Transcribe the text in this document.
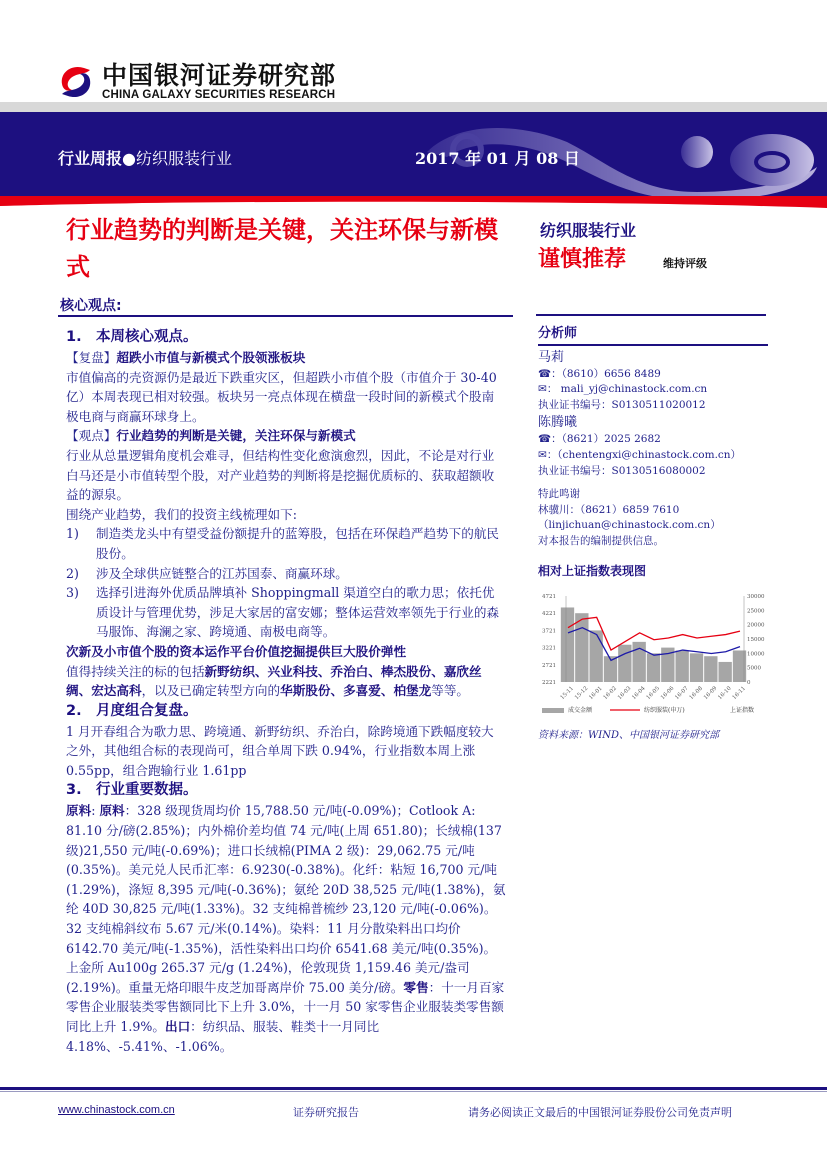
中国银河证券研究部
CHINA GALAXY SECURITIES RESEARCH
行业周报●纺织服装行业	2017 年 01 月 08 日
行业趋势的判断是关键，关注环保与新模式
核心观点:
纺织服装行业
谨慎推荐	维持评级

1. 本周核心观点。

【复盘】超跌小市值与新模式个股领涨板块

市值偏高的壳资源仍是最近下跌重灾区，但超跌小市值个股（市值介于 30-40 亿）本周表现已相对较强。板块另一亮点体现在横盘一段时间的新模式个股南极电商与商赢环球身上。

【观点】行业趋势的判断是关键，关注环保与新模式

行业从总量逻辑角度机会难寻，但结构性变化愈演愈烈，因此，不论是对行业白马还是小市值转型个股，对产业趋势的判断将是挖掘优质标的、获取超额收益的源泉。

围绕产业趋势，我们的投资主线梳理如下:

1)	制造类龙头中有望受益份额提升的蓝筹股，包括在环保趋严趋势下的航民股份。
2)	涉及全球供应链整合的江苏国泰、商赢环球。
3)	选择引进海外优质品牌填补 Shoppingmall 渠道空白的歌力思；依托优质设计与管理优势，涉足大家居的富安娜；整体运营效率领先于行业的森马服饰、海澜之家、跨境通、南极电商等。

次新及小市值个股的资本运作平台价值挖掘提供巨大股价弹性

值得持续关注的标的包括新野纺织、兴业科技、乔治白、棒杰股份、嘉欣丝绸、宏达高科，以及已确定转型方向的华斯股份、多喜爱、柏堡龙等等。

2. 月度组合复盘。

1 月开春组合为歌力思、跨境通、新野纺织、乔治白，除跨境通下跌幅度较大之外，其他组合标的表现尚可，组合单周下跌 0.94%，行业指数本周上涨 0.55pp，组合跑输行业 1.61pp

3. 行业重要数据。

原料: 原料：328 级现货周均价 15,788.50 元/吨(-0.09%)；Cotlook A: 81.10 分/磅(2.85%)；内外棉价差均值 74 元/吨(上周 651.80)；长绒棉(137 级)21,550 元/吨(-0.69%)；进口长绒棉(PIMA 2 级)：29,062.75 元/吨(0.35%)。美元兑人民币汇率：6.9230(-0.38%)。化纤：粘短 16,700 元/吨(1.29%)，涤短 8,395 元/吨(-0.36%)；氨纶 20D 38,525 元/吨(1.38%)，氨纶 40D 30,825 元/吨(1.33%)。32 支纯棉普梳纱 23,120 元/吨(-0.06%)。32 支纯棉斜纹布 5.67 元/米(0.14%)。染料：11 月分散染料出口均价 6142.70 美元/吨(-1.35%)，活性染料出口均价 6541.68 美元/吨(0.35%)。上金所 Au100g 265.37 元/g (1.24%)，伦敦现货 1,159.46 美元/盎司(2.19%)。重量无烙印眼牛皮芝加哥离岸价 75.00 美分/磅。零售：十一月百家零售企业服装类零售额同比下上升 3.0%，十一月 50 家零售企业服装类零售额同比上升 1.9%。出口：纺织品、服装、鞋类十一月同比 4.18%、-5.41%、-1.06%。

分析师
马莉
☎：（8610）6656 8489
✉： mali_yj@chinastock.com.cn
执业证书编号：S0130511020012
陈腾曦
☎：（8621）2025 2682
✉：（chentengxi@chinastock.com.cn）
执业证书编号：S0130516080002
特此鸣谢
林骥川：（8621）6859 7610
（linjichuan@chinastock.com.cn）
对本报告的编制提供信息。
相对上证指数表现图
2221
2721
3221
3721
4221
4721
0
5000
10000
15000
20000
25000
30000
15-11
15-12
16-01
16-02
16-03
16-04
16-05
16-06
16-07
16-08
16-09
16-10
16-11
成交金额	纺织服装(申万)	上证指数
资料来源：WIND、中国银河证券研究部
www.chinastock.com.cn	证券研究报告	请务必阅读正文最后的中国银河证券股份公司免责声明
